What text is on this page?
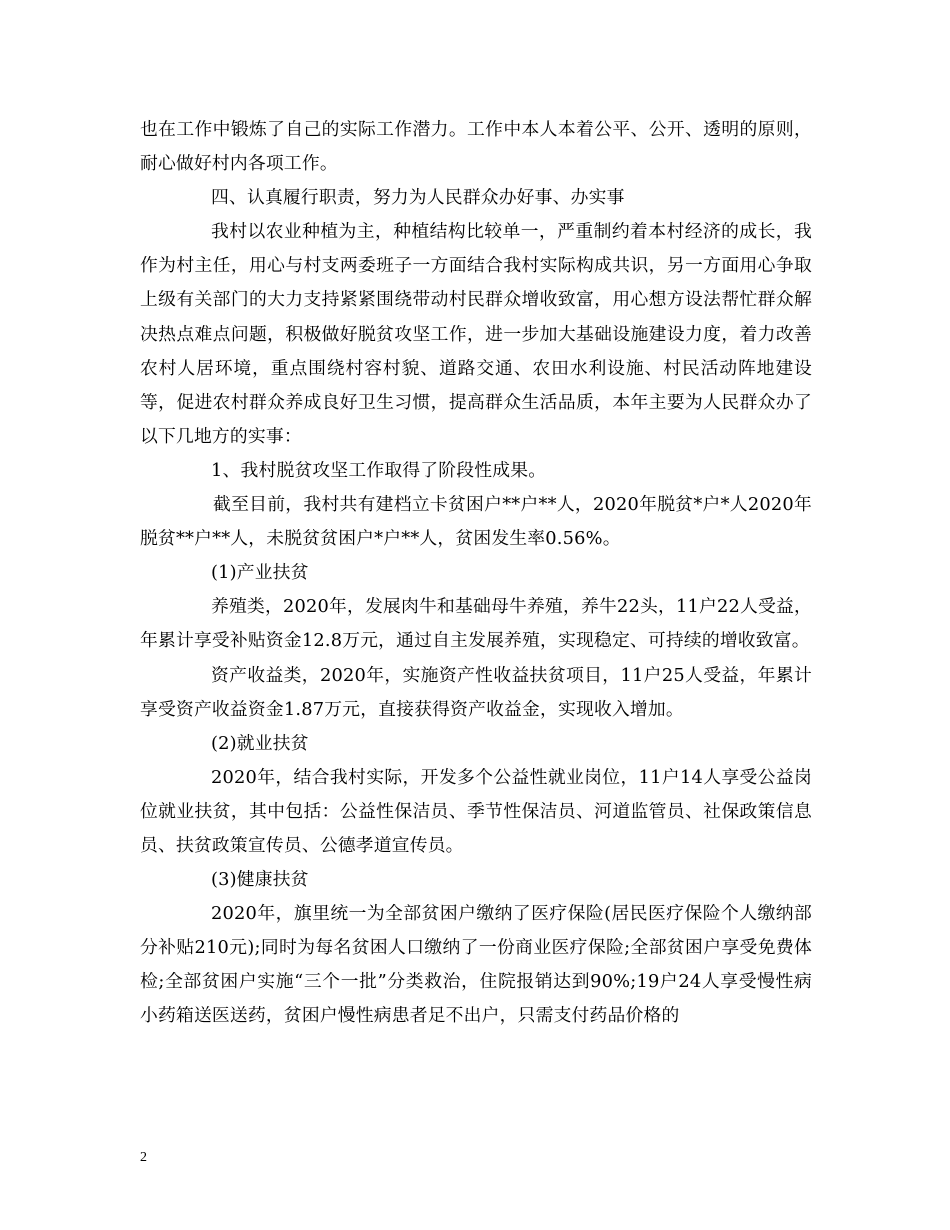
也在工作中锻炼了自己的实际工作潜力。工作中本人本着公平、公开、透明的原则，耐心做好村内各项工作。

四、认真履行职责，努力为人民群众办好事、办实事

我村以农业种植为主，种植结构比较单一，严重制约着本村经济的成长，我作为村主任，用心与村支两委班子一方面结合我村实际构成共识，另一方面用心争取上级有关部门的大力支持紧紧围绕带动村民群众增收致富，用心想方设法帮忙群众解决热点难点问题，积极做好脱贫攻坚工作，进一步加大基础设施建设力度，着力改善农村人居环境，重点围绕村容村貌、道路交通、农田水利设施、村民活动阵地建设等，促进农村群众养成良好卫生习惯，提高群众生活品质，本年主要为人民群众办了以下几地方的实事：

1、我村脱贫攻坚工作取得了阶段性成果。

截至目前，我村共有建档立卡贫困户**户**人，2020年脱贫*户*人2020年脱贫**户**人，未脱贫贫困户*户**人，贫困发生率0.56%。

(1)产业扶贫

养殖类，2020年，发展肉牛和基础母牛养殖，养牛22头，11户22人受益，年累计享受补贴资金12.8万元，通过自主发展养殖，实现稳定、可持续的增收致富。

资产收益类，2020年，实施资产性收益扶贫项目，11户25人受益，年累计享受资产收益资金1.87万元，直接获得资产收益金，实现收入增加。

(2)就业扶贫

2020年，结合我村实际，开发多个公益性就业岗位，11户14人享受公益岗位就业扶贫，其中包括：公益性保洁员、季节性保洁员、河道监管员、社保政策信息员、扶贫政策宣传员、公德孝道宣传员。

(3)健康扶贫

2020年，旗里统一为全部贫困户缴纳了医疗保险(居民医疗保险个人缴纳部分补贴210元);同时为每名贫困人口缴纳了一份商业医疗保险;全部贫困户享受免费体检;全部贫困户实施“三个一批”分类救治，住院报销达到90%;19户24人享受慢性病小药箱送医送药，贫困户慢性病患者足不出户，只需支付药品价格的

2
